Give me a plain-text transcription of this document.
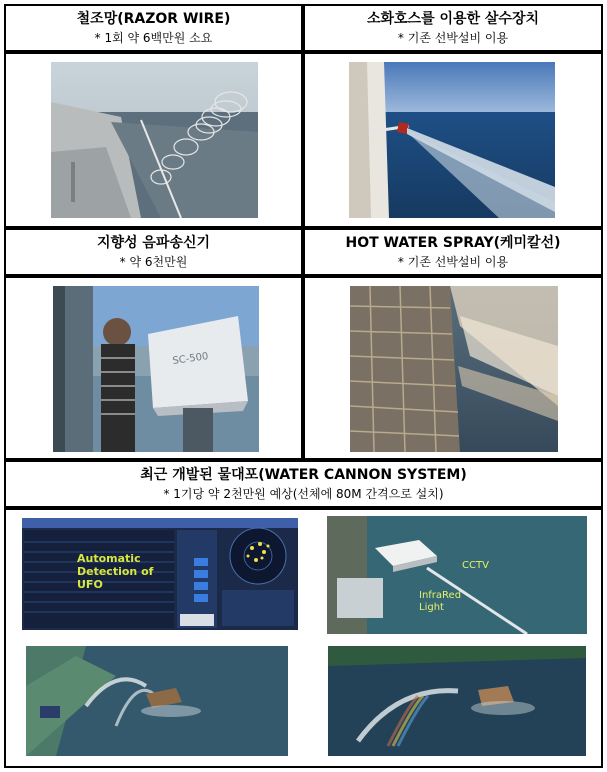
철조망(RAZOR WIRE)
* 1회 약 6백만원 소요
소화호스를 이용한 살수장치
* 기존 선박설비 이용
지향성 음파송신기
* 약 6천만원
HOT WATER SPRAY(케미칼선)
* 기존 선박설비 이용
SC-500
최근 개발된 물대포(WATER CANNON SYSTEM)
* 1기당 약 2천만원 예상(선체에 80M 간격으로 설치)
Automatic
Detection of
UFO
CCTV
InfraRed
Light
